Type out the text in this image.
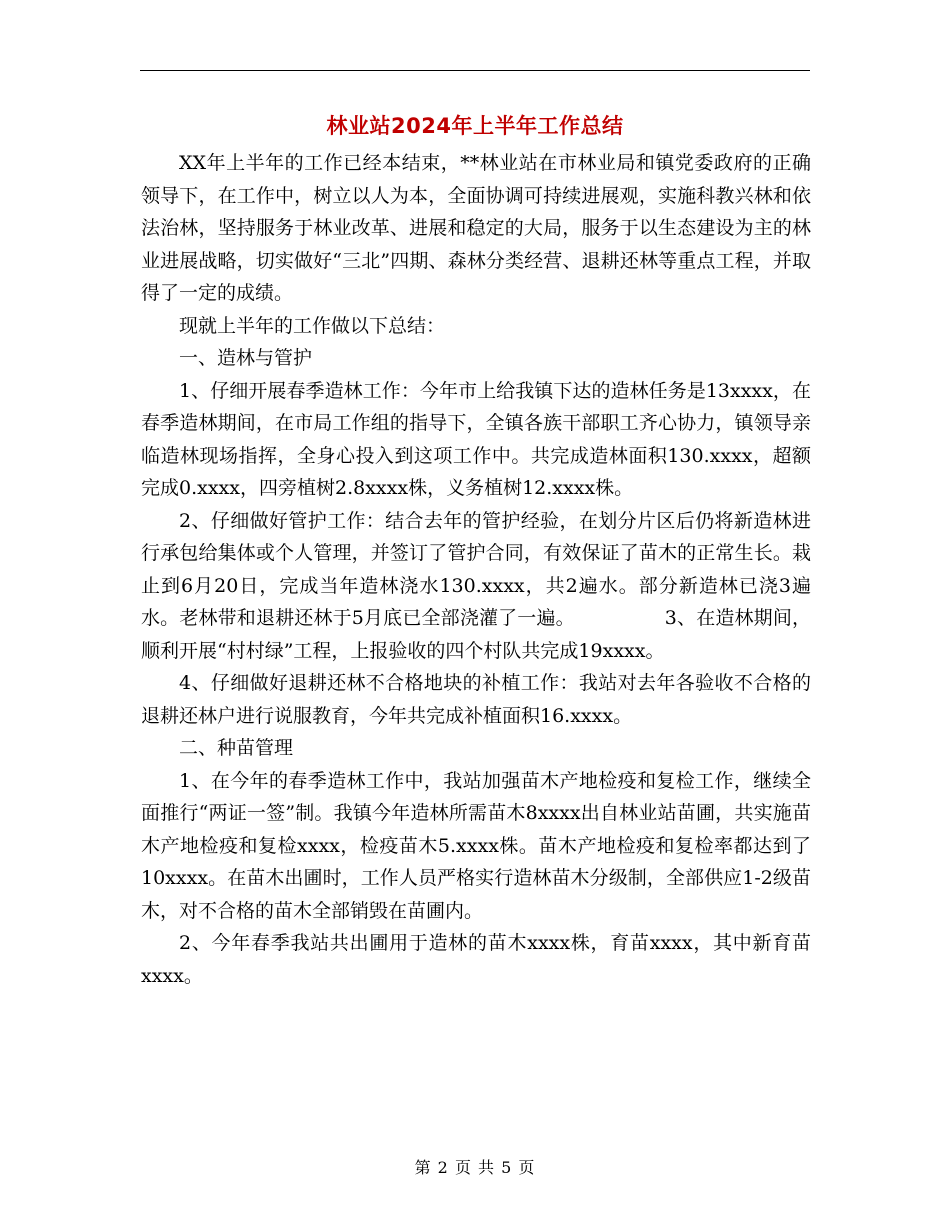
林业站2024年上半年工作总结

XX年上半年的工作已经本结束，**林业站在市林业局和镇党委政府的正确领导下，在工作中，树立以人为本，全面协调可持续进展观，实施科教兴林和依法治林，坚持服务于林业改革、进展和稳定的大局，服务于以生态建设为主的林业进展战略，切实做好“三北”四期、森林分类经营、退耕还林等重点工程，并取得了一定的成绩。

现就上半年的工作做以下总结：

一、造林与管护

1、仔细开展春季造林工作：今年市上给我镇下达的造林任务是13xxxx，在春季造林期间，在市局工作组的指导下，全镇各族干部职工齐心协力，镇领导亲临造林现场指挥，全身心投入到这项工作中。共完成造林面积130.xxxx，超额完成0.xxxx，四旁植树2.8xxxx株，义务植树12.xxxx株。

2、仔细做好管护工作：结合去年的管护经验，在划分片区后仍将新造林进行承包给集体或个人管理，并签订了管护合同，有效保证了苗木的正常生长。栽止到6月20日，完成当年造林浇水130.xxxx，共2遍水。部分新造林已浇3遍水。老林带和退耕还林于5月底已全部浇灌了一遍。	3、在造林期间，顺利开展“村村绿”工程，上报验收的四个村队共完成19xxxx。

4、仔细做好退耕还林不合格地块的补植工作：我站对去年各验收不合格的退耕还林户进行说服教育，今年共完成补植面积16.xxxx。

二、种苗管理

1、在今年的春季造林工作中，我站加强苗木产地检疫和复检工作，继续全面推行“两证一签”制。我镇今年造林所需苗木8xxxx出自林业站苗圃，共实施苗木产地检疫和复检xxxx，检疫苗木5.xxxx株。苗木产地检疫和复检率都达到了10xxxx。在苗木出圃时，工作人员严格实行造林苗木分级制，全部供应1-2级苗木，对不合格的苗木全部销毁在苗圃内。

2、今年春季我站共出圃用于造林的苗木xxxx株，育苗xxxx，其中新育苗xxxx。

第 2 页 共 5 页
